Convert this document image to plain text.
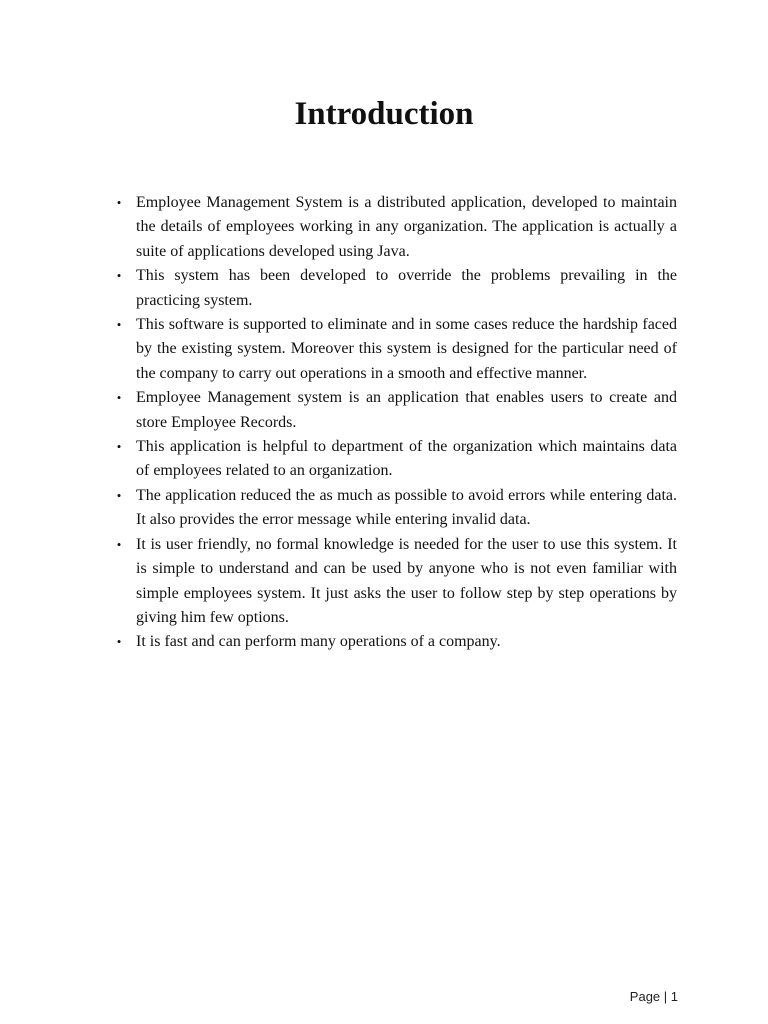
Introduction
• Employee Management System is a distributed application, developed to maintain the details of employees working in any organization. The application is actually a suite of applications developed using Java.
• This system has been developed to override the problems prevailing in the practicing system.
• This software is supported to eliminate and in some cases reduce the hardship faced by the existing system. Moreover this system is designed for the particular need of the company to carry out operations in a smooth and effective manner.
• Employee Management system is an application that enables users to create and store Employee Records.
• This application is helpful to department of the organization which maintains data of employees related to an organization.
• The application reduced the as much as possible to avoid errors while entering data. It also provides the error message while entering invalid data.
• It is user friendly, no formal knowledge is needed for the user to use this system. It is simple to understand and can be used by anyone who is not even familiar with simple employees system. It just asks the user to follow step by step operations by giving him few options.
• It is fast and can perform many operations of a company.
Page | 1
